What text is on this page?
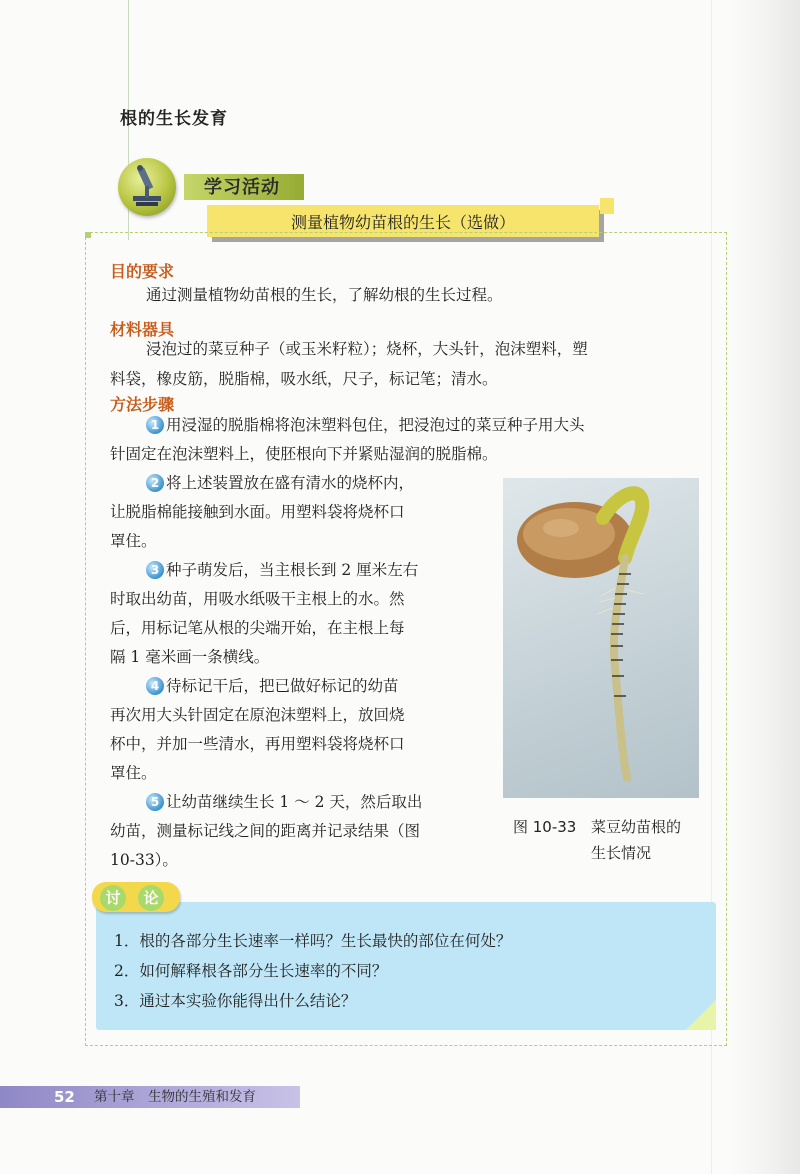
根的生长发育
学习活动
测量植物幼苗根的生长（选做）
目的要求
通过测量植物幼苗根的生长，了解幼根的生长过程。
材料器具
浸泡过的菜豆种子（或玉米籽粒）；烧杯，大头针，泡沫塑料，塑
料袋，橡皮筋，脱脂棉，吸水纸，尺子，标记笔；清水。
方法步骤
1 用浸湿的脱脂棉将泡沫塑料包住，把浸泡过的菜豆种子用大头
针固定在泡沫塑料上，使胚根向下并紧贴湿润的脱脂棉。
2 将上述装置放在盛有清水的烧杯内，
让脱脂棉能接触到水面。用塑料袋将烧杯口
罩住。
3 种子萌发后，当主根长到 2 厘米左右
时取出幼苗，用吸水纸吸干主根上的水。然
后，用标记笔从根的尖端开始，在主根上每
隔 1 毫米画一条横线。
4 待标记干后，把已做好标记的幼苗
再次用大头针固定在原泡沫塑料上，放回烧
杯中，并加一些清水，再用塑料袋将烧杯口
罩住。
5 让幼苗继续生长 1 ～ 2 天，然后取出
幼苗，测量标记线之间的距离并记录结果（图
10-33）。
图 10-33 菜豆幼苗根的
生长情况
讨	论
1．根的各部分生长速率一样吗？生长最快的部位在何处？
2．如何解释根各部分生长速率的不同？
3．通过本实验你能得出什么结论？
52 第十章　生物的生殖和发育
